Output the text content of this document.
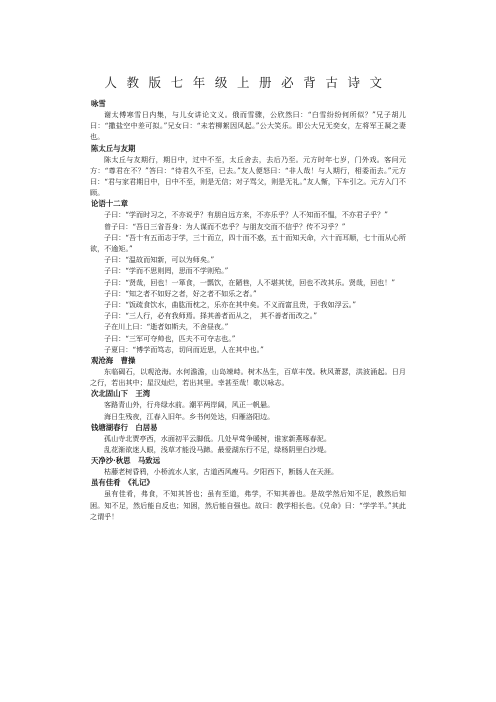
人教版七年级上册必背古诗文
咏雪
谢太傅寒雪日内集，与儿女讲论文义。俄而雪骤，公欣然曰：“白雪纷纷何所似？”兄子胡儿曰：“撒盐空中差可拟。”兄女曰：“未若柳絮因风起。”公大笑乐。即公大兄无奕女，左将军王凝之妻也。
陈太丘与友期
陈太丘与友期行，期日中，过中不至，太丘舍去，去后乃至。元方时年七岁，门外戏。客问元方：“尊君在不？”答曰：“待君久不至，已去。”友人便怒曰：“非人哉！与人期行，相委而去。”元方曰：“君与家君期日中，日中不至，则是无信；对子骂父，则是无礼。”友人惭，下车引之。元方入门不顾。
论语十二章
子曰：“学而时习之，不亦说乎？有朋自远方来，不亦乐乎？人不知而不愠，不亦君子乎？”
曾子曰：“吾日三省吾身：为人谋而不忠乎？与朋友交而不信乎？传不习乎？”
子曰：“吾十有五而志于学，三十而立，四十而不惑，五十而知天命，六十而耳顺，七十而从心所欲，不逾矩。”
子曰：“温故而知新，可以为师矣。”
子曰：“学而不思则罔，思而不学则殆。”
子曰：“贤哉，回也！一箪食，一瓢饮，在陋巷，人不堪其忧，回也不改其乐。贤哉，回也！”
子曰：“知之者不如好之者，好之者不如乐之者。”
子曰：“饭疏食饮水，曲肱而枕之，乐亦在其中矣。不义而富且贵，于我如浮云。”
子曰：“三人行，必有我师焉。择其善者而从之，　其不善者而改之。”
子在川上曰：“逝者如斯夫，不舍昼夜。”
子曰：“三军可夺帅也，匹夫不可夺志也。”
子夏曰：“博学而笃志，切问而近思，人在其中也。”
观沧海　曹操
东临碣石，以观沧海。水何澹澹，山岛竦峙。树木丛生，百草丰茂。秋风萧瑟，洪波涌起。日月之行，若出其中；星汉灿烂，若出其里。幸甚至哉！歌以咏志。
次北固山下　王湾
客路青山外，行舟绿水前。潮平两岸阔，风正一帆悬。
海日生残夜，江春入旧年。乡书何处达，归雁洛阳边。
钱塘湖春行　白居易
孤山寺北贾亭西，水面初平云脚低。几处早莺争暖树，谁家新燕啄春泥。
乱花渐欲迷人眼，浅草才能没马蹄。最爱湖东行不足，绿杨阴里白沙堤。
天净沙·秋思　马致远
枯藤老树昏鸦，小桥流水人家，古道西风瘦马。夕阳西下，断肠人在天涯。
虽有佳肴　《礼记》
虽有佳肴，弗食，不知其旨也；虽有至道，弗学，不知其善也。是故学然后知不足，教然后知困。知不足，然后能自反也；知困，然后能自强也。故曰：教学相长也。《兑命》曰：“学学半。”其此之谓乎！
